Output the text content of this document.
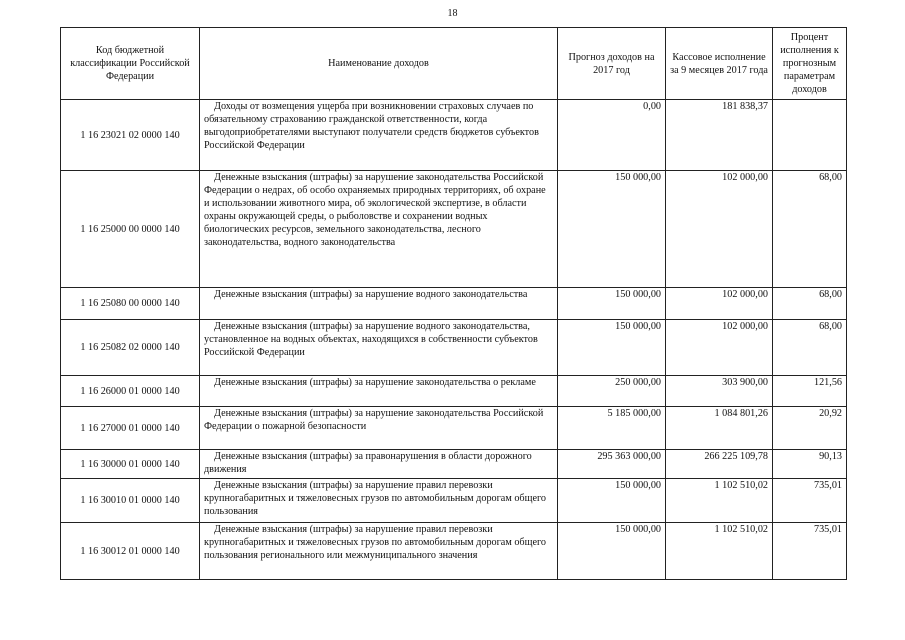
18
Код бюджетной классификации Российской Федерации	Наименование доходов	Прогноз доходов на 2017 год	Кассовое исполнение за 9 месяцев 2017 года	Процент исполнения к прогнозным параметрам доходов
1 16 23021 02 0000 140	Доходы от возмещения ущерба при возникновении страховых случаев по обязательному страхованию гражданской ответственности, когда выгодоприобретателями выступают получатели средств бюджетов субъектов Российской Федерации	0,00	181 838,37	
1 16 25000 00 0000 140	Денежные взыскания (штрафы) за нарушение законодательства Российской Федерации о недрах, об особо охраняемых природных территориях, об охране и использовании животного мира, об экологической экспертизе, в области охраны окружающей среды, о рыболовстве и сохранении водных биологических ресурсов, земельного законодательства, лесного законодательства, водного законодательства	150 000,00	102 000,00	68,00
1 16 25080 00 0000 140	Денежные взыскания (штрафы) за нарушение водного законодательства	150 000,00	102 000,00	68,00
1 16 25082 02 0000 140	Денежные взыскания (штрафы) за нарушение водного законодательства, установленное на водных объектах, находящихся в собственности субъектов Российской Федерации	150 000,00	102 000,00	68,00
1 16 26000 01 0000 140	Денежные взыскания (штрафы) за нарушение законодательства о рекламе	250 000,00	303 900,00	121,56
1 16 27000 01 0000 140	Денежные взыскания (штрафы) за нарушение законодательства Российской Федерации о пожарной безопасности	5 185 000,00	1 084 801,26	20,92
1 16 30000 01 0000 140	Денежные взыскания (штрафы) за правонарушения в области дорожного движения	295 363 000,00	266 225 109,78	90,13
1 16 30010 01 0000 140	Денежные взыскания (штрафы) за нарушение правил перевозки крупногабаритных и тяжеловесных грузов по автомобильным дорогам общего пользования	150 000,00	1 102 510,02	735,01
1 16 30012 01 0000 140	Денежные взыскания (штрафы) за нарушение правил перевозки крупногабаритных и тяжеловесных грузов по автомобильным дорогам общего пользования регионального или межмуниципального значения	150 000,00	1 102 510,02	735,01
